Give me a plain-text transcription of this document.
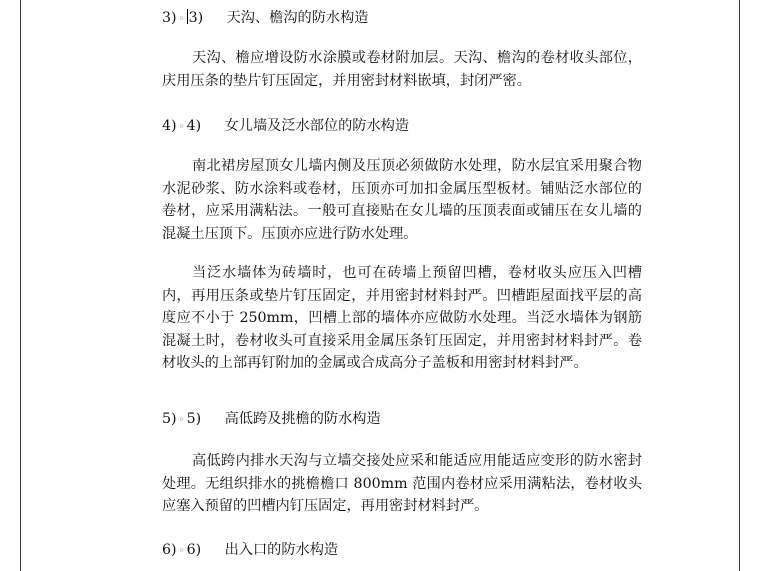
3) ◦ 3) 天沟、檐沟的防水构造
天沟、檐应增设防水涂膜或卷材附加层。天沟、檐沟的卷材收头部位，庆用压条的垫片钉压固定，并用密封材料嵌填，封闭严密。
4) ◦ 4) 女儿墙及泛水部位的防水构造
南北裙房屋顶女儿墙内侧及压顶必须做防水处理，防水层宜采用聚合物水泥砂浆、防水涂料或卷材，压顶亦可加扣金属压型板材。铺贴泛水部位的卷材，应采用满粘法。一般可直接贴在女儿墙的压顶表面或铺压在女儿墙的混凝土压顶下。压顶亦应进行防水处理。
当泛水墙体为砖墙时，也可在砖墙上预留凹槽，卷材收头应压入凹槽内，再用压条或垫片钉压固定，并用密封材料封严。凹槽距屋面找平层的高度应不小于 250mm，凹槽上部的墙体亦应做防水处理。当泛水墙体为钢筋混凝土时，卷材收头可直接采用金属压条钉压固定，并用密封材料封严。卷材收头的上部再钉附加的金属或合成高分子盖板和用密封材料封严。
5) ◦ 5) 高低跨及挑檐的防水构造
高低跨内排水天沟与立墙交接处应采和能适应用能适应变形的防水密封处理。无组织排水的挑檐檐口 800mm 范围内卷材应采用满粘法，卷材收头应塞入预留的凹槽内钉压固定，再用密封材料封严。
6) ◦ 6) 出入口的防水构造
